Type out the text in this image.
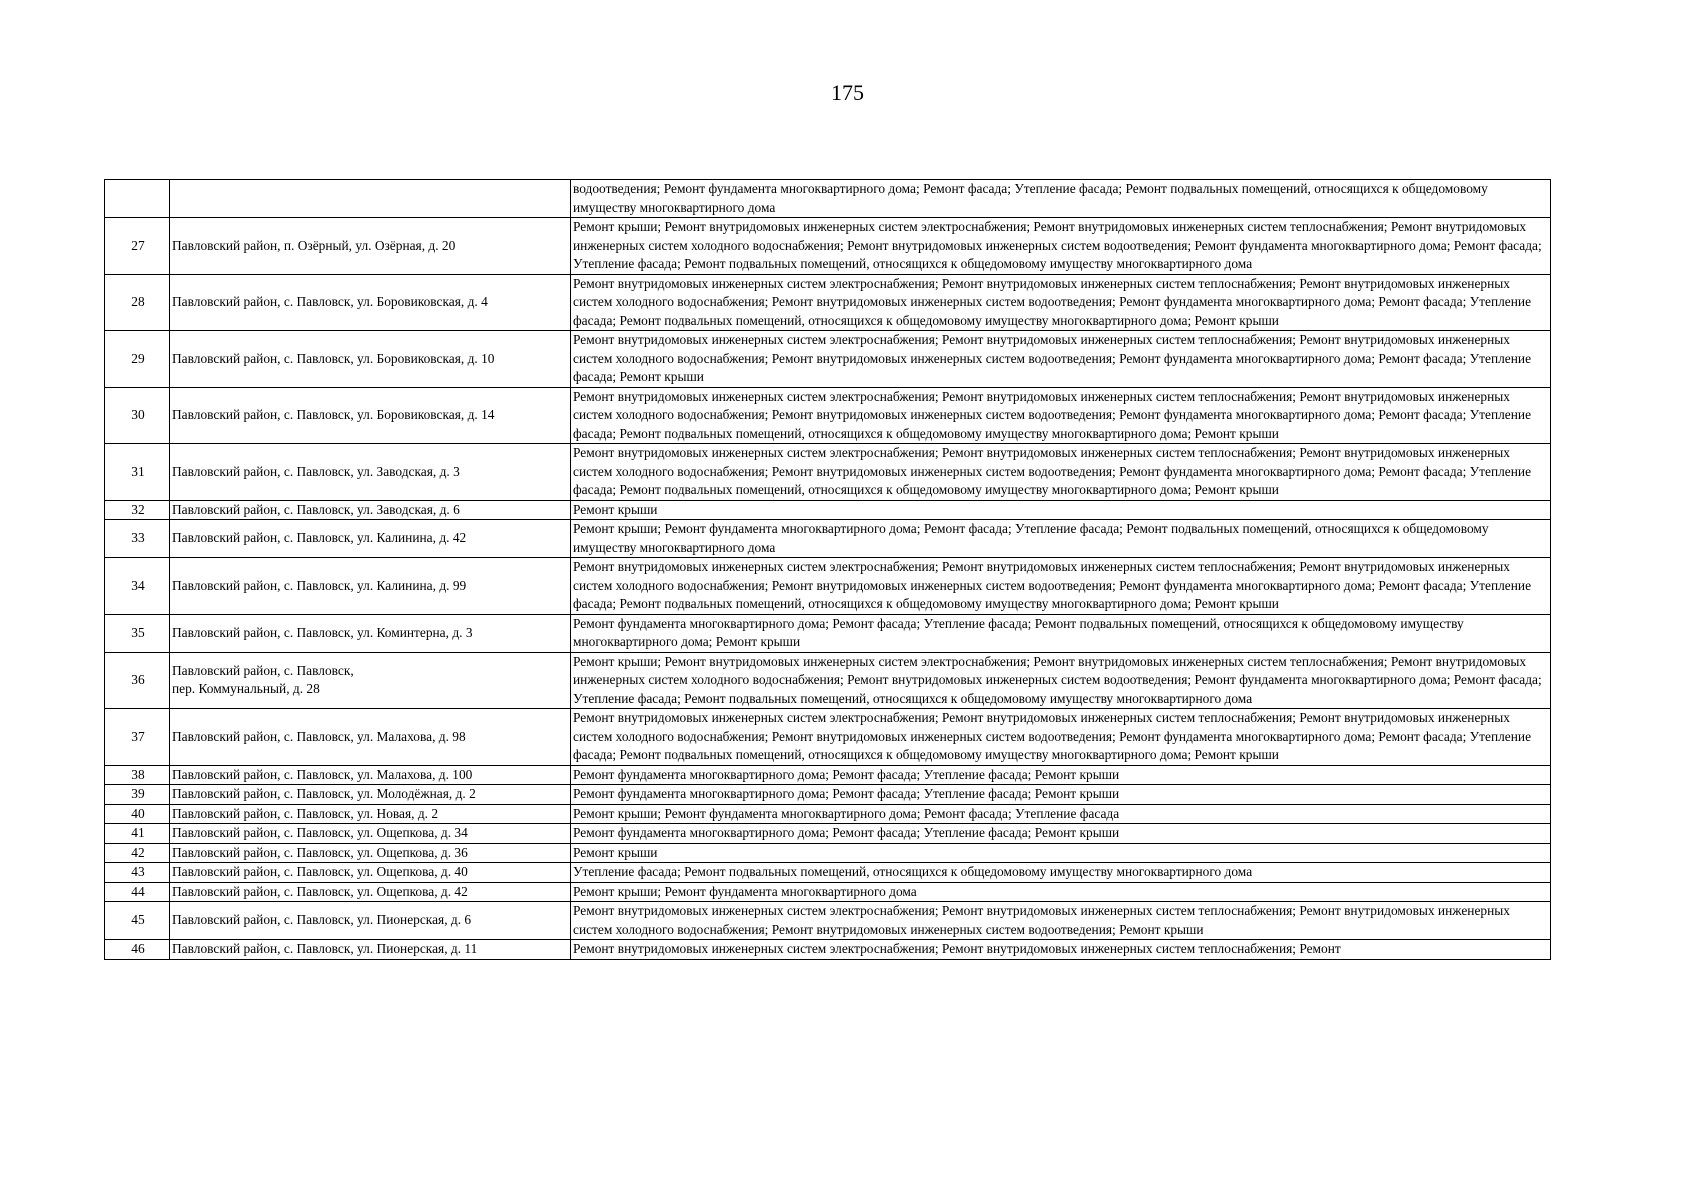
175
		водоотведения; Ремонт фундамента многоквартирного дома; Ремонт фасада; Утепление фасада; Ремонт подвальных помещений, относящихся к общедомовому имуществу многоквартирного дома
27	Павловский район, п. Озёрный, ул. Озёрная, д. 20	Ремонт крыши; Ремонт внутридомовых инженерных систем электроснабжения; Ремонт внутридомовых инженерных систем теплоснабжения; Ремонт внутридомовых инженерных систем холодного водоснабжения; Ремонт внутридомовых инженерных систем водоотведения; Ремонт фундамента многоквартирного дома; Ремонт фасада; Утепление фасада; Ремонт подвальных помещений, относящихся к общедомовому имуществу многоквартирного дома
28	Павловский район, с. Павловск, ул. Боровиковская, д. 4	Ремонт внутридомовых инженерных систем электроснабжения; Ремонт внутридомовых инженерных систем теплоснабжения; Ремонт внутридомовых инженерных систем холодного водоснабжения; Ремонт внутридомовых инженерных систем водоотведения; Ремонт фундамента многоквартирного дома; Ремонт фасада; Утепление фасада; Ремонт подвальных помещений, относящихся к общедомовому имуществу многоквартирного дома; Ремонт крыши
29	Павловский район, с. Павловск, ул. Боровиковская, д. 10	Ремонт внутридомовых инженерных систем электроснабжения; Ремонт внутридомовых инженерных систем теплоснабжения; Ремонт внутридомовых инженерных систем холодного водоснабжения; Ремонт внутридомовых инженерных систем водоотведения; Ремонт фундамента многоквартирного дома; Ремонт фасада; Утепление фасада; Ремонт крыши
30	Павловский район, с. Павловск, ул. Боровиковская, д. 14	Ремонт внутридомовых инженерных систем электроснабжения; Ремонт внутридомовых инженерных систем теплоснабжения; Ремонт внутридомовых инженерных систем холодного водоснабжения; Ремонт внутридомовых инженерных систем водоотведения; Ремонт фундамента многоквартирного дома; Ремонт фасада; Утепление фасада; Ремонт подвальных помещений, относящихся к общедомовому имуществу многоквартирного дома; Ремонт крыши
31	Павловский район, с. Павловск, ул. Заводская, д. 3	Ремонт внутридомовых инженерных систем электроснабжения; Ремонт внутридомовых инженерных систем теплоснабжения; Ремонт внутридомовых инженерных систем холодного водоснабжения; Ремонт внутридомовых инженерных систем водоотведения; Ремонт фундамента многоквартирного дома; Ремонт фасада; Утепление фасада; Ремонт подвальных помещений, относящихся к общедомовому имуществу многоквартирного дома; Ремонт крыши
32	Павловский район, с. Павловск, ул. Заводская, д. 6	Ремонт крыши
33	Павловский район, с. Павловск, ул. Калинина, д. 42	Ремонт крыши; Ремонт фундамента многоквартирного дома; Ремонт фасада; Утепление фасада; Ремонт подвальных помещений, относящихся к общедомовому имуществу многоквартирного дома
34	Павловский район, с. Павловск, ул. Калинина, д. 99	Ремонт внутридомовых инженерных систем электроснабжения; Ремонт внутридомовых инженерных систем теплоснабжения; Ремонт внутридомовых инженерных систем холодного водоснабжения; Ремонт внутридомовых инженерных систем водоотведения; Ремонт фундамента многоквартирного дома; Ремонт фасада; Утепление фасада; Ремонт подвальных помещений, относящихся к общедомовому имуществу многоквартирного дома; Ремонт крыши
35	Павловский район, с. Павловск, ул. Коминтерна, д. 3	Ремонт фундамента многоквартирного дома; Ремонт фасада; Утепление фасада; Ремонт подвальных помещений, относящихся к общедомовому имуществу многоквартирного дома; Ремонт крыши
36	Павловский район, с. Павловск,
пер. Коммунальный, д. 28	Ремонт крыши; Ремонт внутридомовых инженерных систем электроснабжения; Ремонт внутридомовых инженерных систем теплоснабжения; Ремонт внутридомовых инженерных систем холодного водоснабжения; Ремонт внутридомовых инженерных систем водоотведения; Ремонт фундамента многоквартирного дома; Ремонт фасада; Утепление фасада; Ремонт подвальных помещений, относящихся к общедомовому имуществу многоквартирного дома
37	Павловский район, с. Павловск, ул. Малахова, д. 98	Ремонт внутридомовых инженерных систем электроснабжения; Ремонт внутридомовых инженерных систем теплоснабжения; Ремонт внутридомовых инженерных систем холодного водоснабжения; Ремонт внутридомовых инженерных систем водоотведения; Ремонт фундамента многоквартирного дома; Ремонт фасада; Утепление фасада; Ремонт подвальных помещений, относящихся к общедомовому имуществу многоквартирного дома; Ремонт крыши
38	Павловский район, с. Павловск, ул. Малахова, д. 100	Ремонт фундамента многоквартирного дома; Ремонт фасада; Утепление фасада; Ремонт крыши
39	Павловский район, с. Павловск, ул. Молодёжная, д. 2	Ремонт фундамента многоквартирного дома; Ремонт фасада; Утепление фасада; Ремонт крыши
40	Павловский район, с. Павловск, ул. Новая, д. 2	Ремонт крыши; Ремонт фундамента многоквартирного дома; Ремонт фасада; Утепление фасада
41	Павловский район, с. Павловск, ул. Ощепкова, д. 34	Ремонт фундамента многоквартирного дома; Ремонт фасада; Утепление фасада; Ремонт крыши
42	Павловский район, с. Павловск, ул. Ощепкова, д. 36	Ремонт крыши
43	Павловский район, с. Павловск, ул. Ощепкова, д. 40	Утепление фасада; Ремонт подвальных помещений, относящихся к общедомовому имуществу многоквартирного дома
44	Павловский район, с. Павловск, ул. Ощепкова, д. 42	Ремонт крыши; Ремонт фундамента многоквартирного дома
45	Павловский район, с. Павловск, ул. Пионерская, д. 6	Ремонт внутридомовых инженерных систем электроснабжения; Ремонт внутридомовых инженерных систем теплоснабжения; Ремонт внутридомовых инженерных систем холодного водоснабжения; Ремонт внутридомовых инженерных систем водоотведения; Ремонт крыши
46	Павловский район, с. Павловск, ул. Пионерская, д. 11	Ремонт внутридомовых инженерных систем электроснабжения; Ремонт внутридомовых инженерных систем теплоснабжения; Ремонт
